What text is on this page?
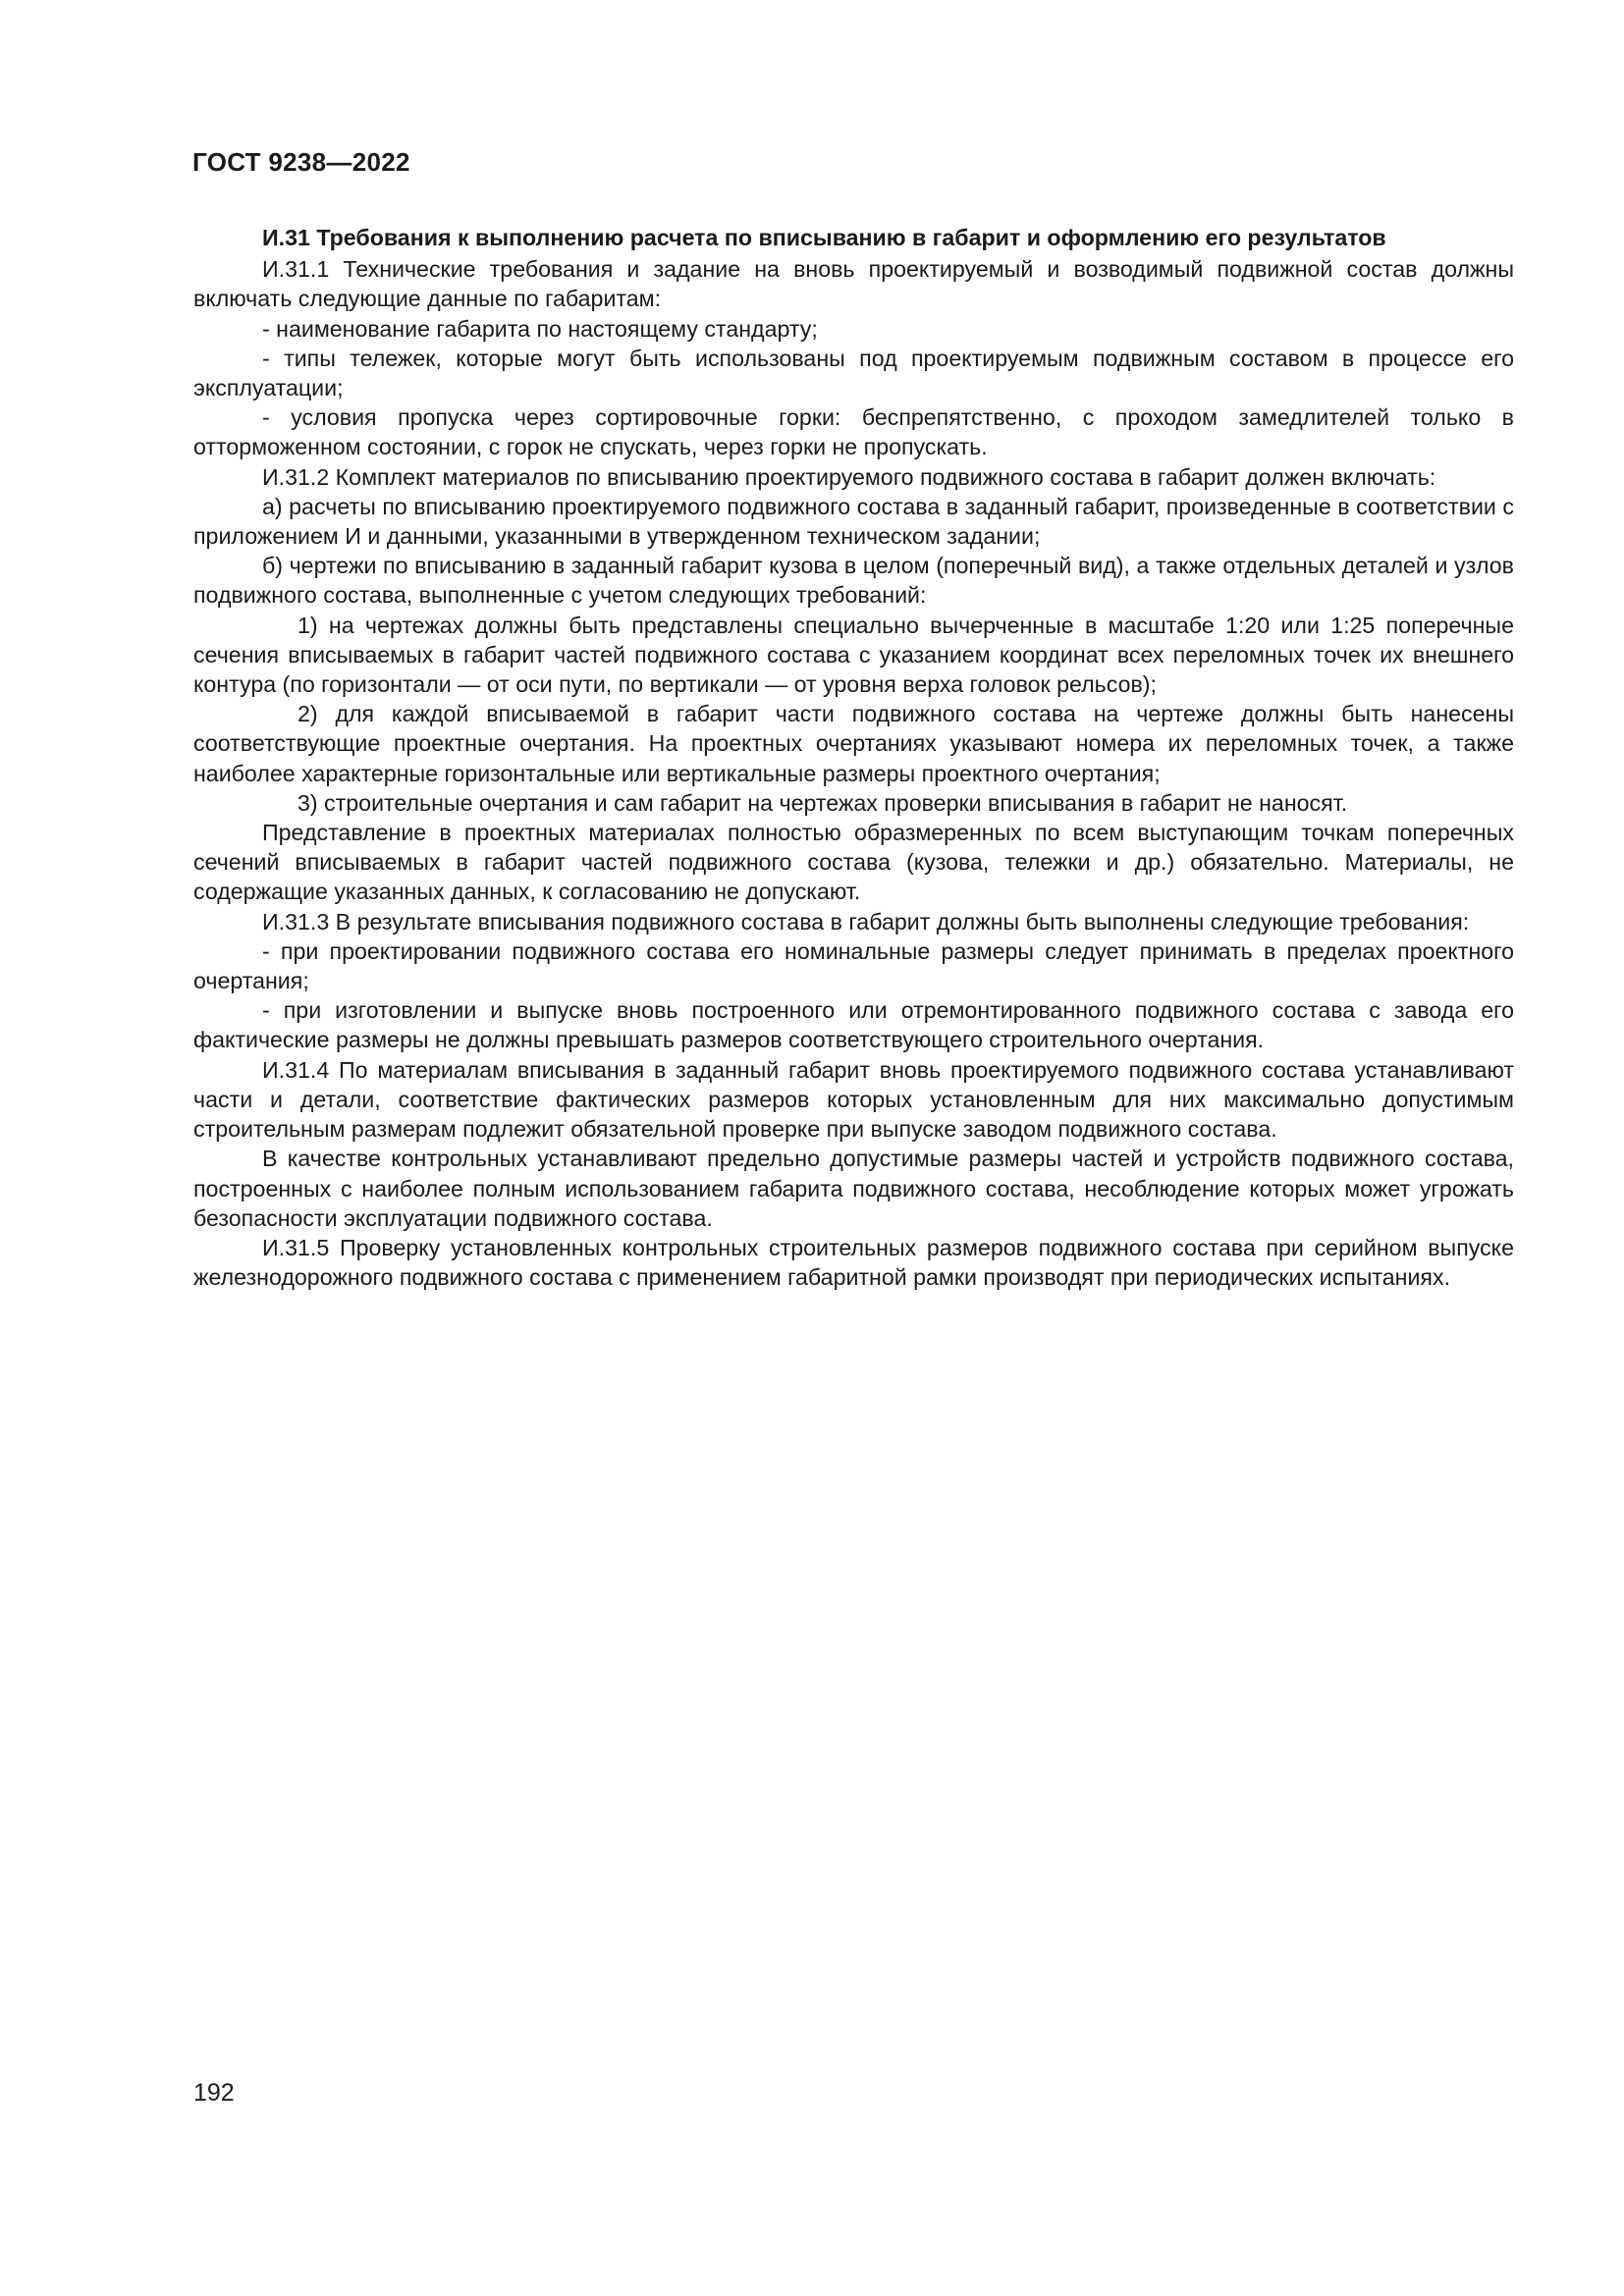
ГОСТ 9238—2022

И.31 Требования к выполнению расчета по вписыванию в габарит и оформлению его результатов

И.31.1 Технические требования и задание на вновь проектируемый и возводимый подвижной состав должны включать следующие данные по габаритам:

- наименование габарита по настоящему стандарту;

- типы тележек, которые могут быть использованы под проектируемым подвижным составом в процессе его эксплуатации;

- условия пропуска через сортировочные горки: беспрепятственно, с проходом замедлителей только в отторможенном состоянии, с горок не спускать, через горки не пропускать.

И.31.2 Комплект материалов по вписыванию проектируемого подвижного состава в габарит должен включать:

а) расчеты по вписыванию проектируемого подвижного состава в заданный габарит, произведенные в соответствии с приложением И и данными, указанными в утвержденном техническом задании;

б) чертежи по вписыванию в заданный габарит кузова в целом (поперечный вид), а также отдельных деталей и узлов подвижного состава, выполненные с учетом следующих требований:

1) на чертежах должны быть представлены специально вычерченные в масштабе 1:20 или 1:25 поперечные сечения вписываемых в габарит частей подвижного состава с указанием координат всех переломных точек их внешнего контура (по горизонтали — от оси пути, по вертикали — от уровня верха головок рельсов);

2) для каждой вписываемой в габарит части подвижного состава на чертеже должны быть нанесены соответствующие проектные очертания. На проектных очертаниях указывают номера их переломных точек, а также наиболее характерные горизонтальные или вертикальные размеры проектного очертания;

3) строительные очертания и сам габарит на чертежах проверки вписывания в габарит не наносят.

Представление в проектных материалах полностью образмеренных по всем выступающим точкам поперечных сечений вписываемых в габарит частей подвижного состава (кузова, тележки и др.) обязательно. Материалы, не содержащие указанных данных, к согласованию не допускают.

И.31.3 В результате вписывания подвижного состава в габарит должны быть выполнены следующие требования:

- при проектировании подвижного состава его номинальные размеры следует принимать в пределах проектного очертания;

- при изготовлении и выпуске вновь построенного или отремонтированного подвижного состава с завода его фактические размеры не должны превышать размеров соответствующего строительного очертания.

И.31.4 По материалам вписывания в заданный габарит вновь проектируемого подвижного состава устанавливают части и детали, соответствие фактических размеров которых установленным для них максимально допустимым строительным размерам подлежит обязательной проверке при выпуске заводом подвижного состава.

В качестве контрольных устанавливают предельно допустимые размеры частей и устройств подвижного состава, построенных с наиболее полным использованием габарита подвижного состава, несоблюдение которых может угрожать безопасности эксплуатации подвижного состава.

И.31.5 Проверку установленных контрольных строительных размеров подвижного состава при серийном выпуске железнодорожного подвижного состава с применением габаритной рамки производят при периодических испытаниях.

192
